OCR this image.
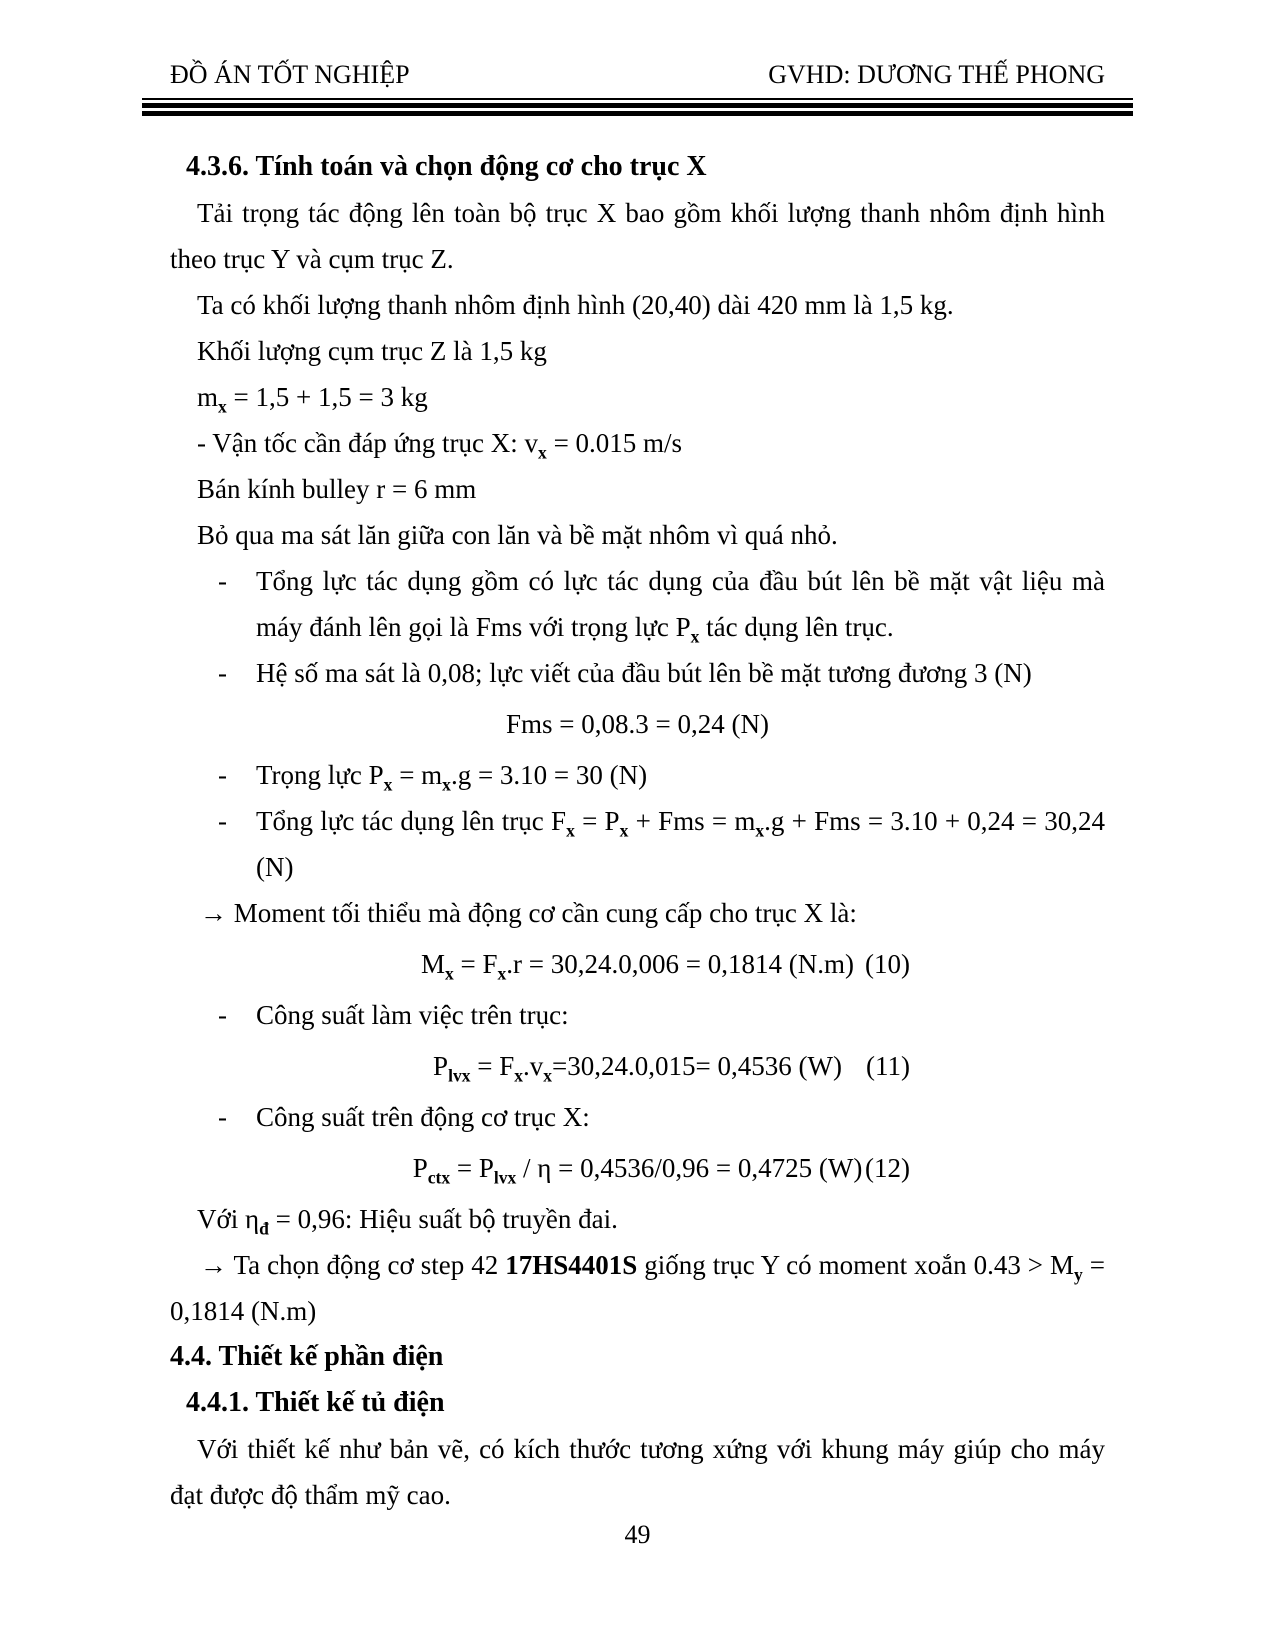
ĐỒ ÁN TỐT NGHIỆP	GVHD: DƯƠNG THẾ PHONG
4.3.6. Tính toán và chọn động cơ cho trục X
Tải trọng tác động lên toàn bộ trục X bao gồm khối lượng thanh nhôm định hình theo trục Y và cụm trục Z.
Ta có khối lượng thanh nhôm định hình (20,40) dài 420 mm là 1,5 kg.
Khối lượng cụm trục Z là 1,5 kg
$m_x = 1,5 + 1,5 = 3$ kg
- Vận tốc cần đáp ứng trục X: $v_x = 0.015$ m/s
Bán kính bulley r = 6 mm
Bỏ qua ma sát lăn giữa con lăn và bề mặt nhôm vì quá nhỏ.
- Tổng lực tác dụng gồm có lực tác dụng của đầu bút lên bề mặt vật liệu mà máy đánh lên gọi là Fms với trọng lực $P_x$ tác dụng lên trục.
- Hệ số ma sát là 0,08; lực viết của đầu bút lên bề mặt tương đương 3 (N)
Fms = 0,08.3 = 0,24 (N)
- Trọng lực $P_x = m_x.g = 3.10 = 30$ (N)
- Tổng lực tác dụng lên trục $F_x = P_x$ + Fms = $m_x.g$ + Fms = 3.10 + 0,24 = 30,24 (N)
→ Moment tối thiểu mà động cơ cần cung cấp cho trục X là:
$M_x = F_x.r = 30,24.0,006 = 0,1814$ (N.m) (10)
- Công suất làm việc trên trục:
$P_{lvx} = F_x.v_x=30,24.0,015= 0,4536$ (W) (11)
- Công suất trên động cơ trục X:
$P_{ctx} = P_{lvx} / \eta = 0,4536/0,96 = 0,4725$ (W) (12)
Với $\eta_đ = 0,96$: Hiệu suất bộ truyền đai.
→ Ta chọn động cơ step 42 17HS4401S giống trục Y có moment xoắn $0.43 > M_y = 0,1814$ (N.m)
4.4. Thiết kế phần điện
4.4.1. Thiết kế tủ điện
Với thiết kế như bản vẽ, có kích thước tương xứng với khung máy giúp cho máy đạt được độ thẩm mỹ cao.
49
